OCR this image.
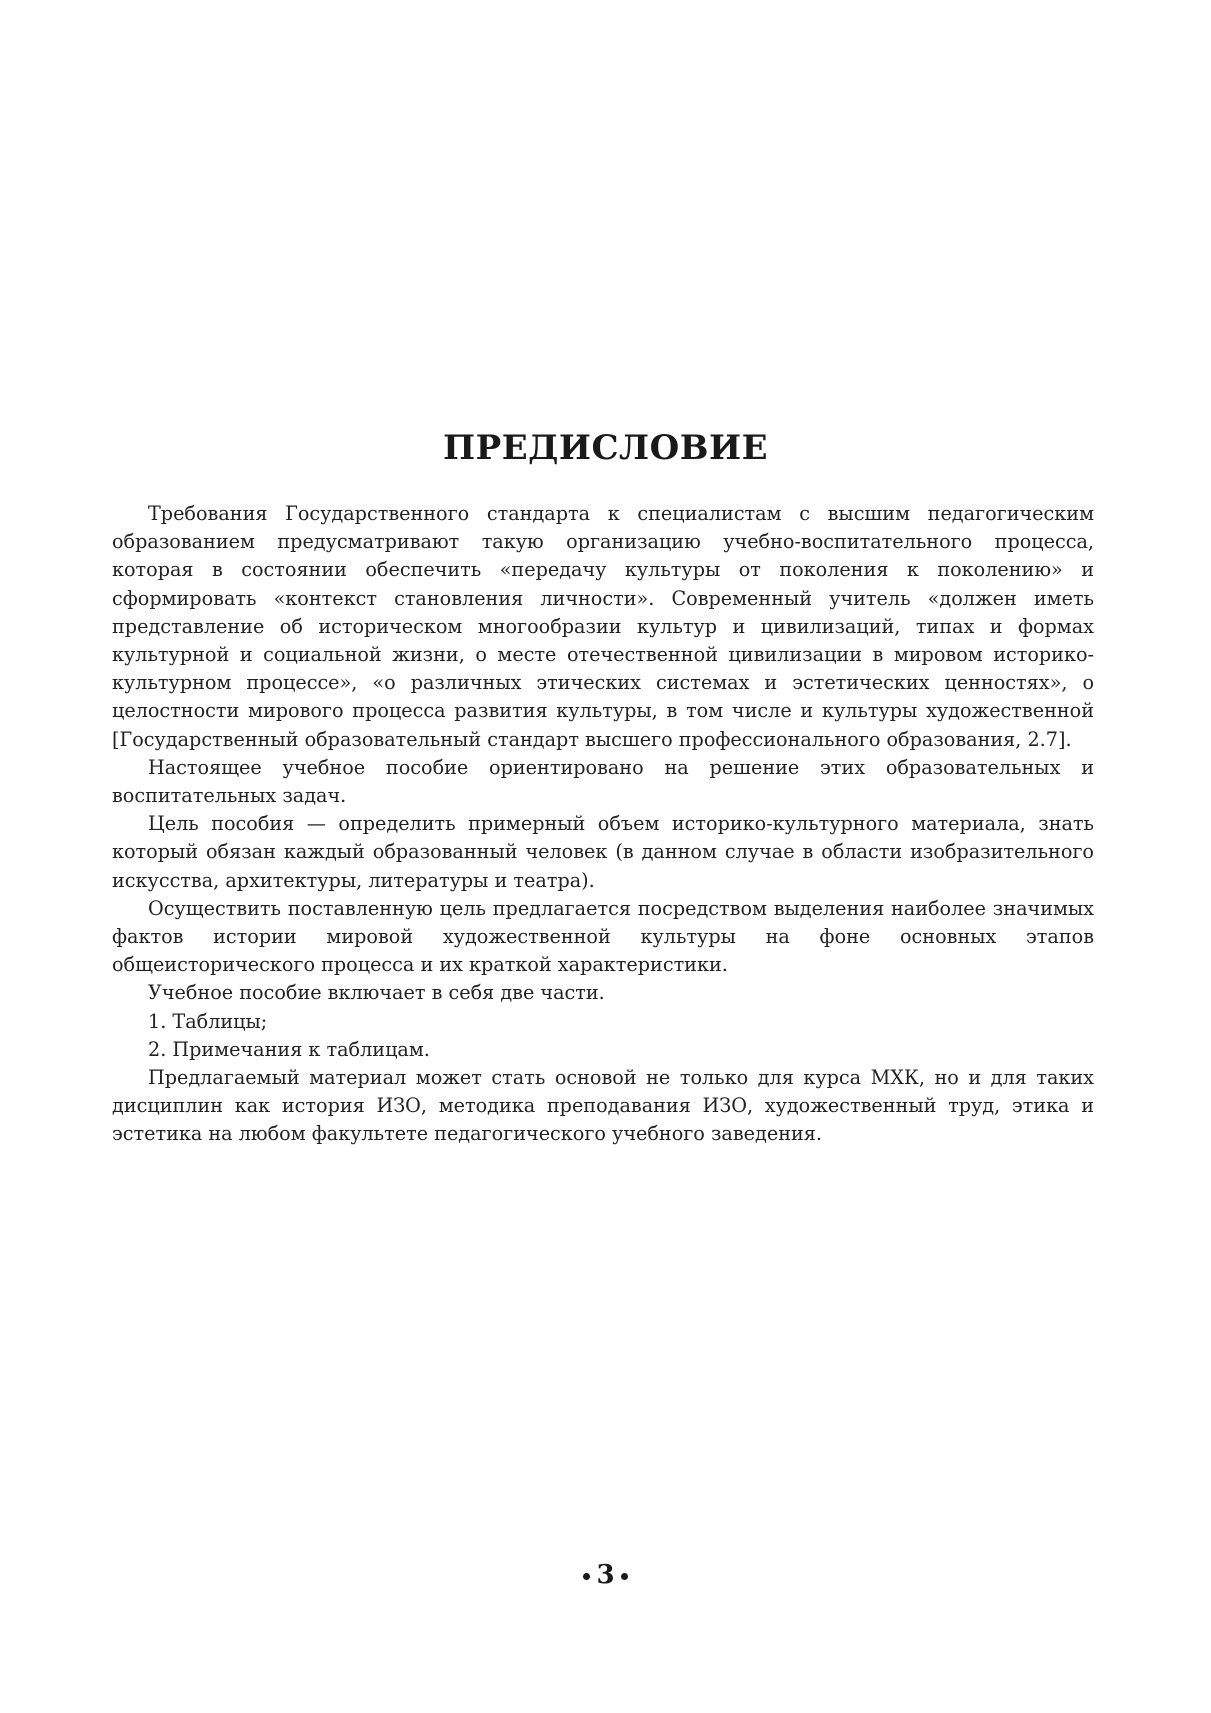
ПРЕДИСЛОВИЕ

Требования Государственного стандарта к специалистам с высшим педагогическим образованием предусматривают такую организацию учебно-воспитательного процесса, которая в состоянии обеспечить «передачу культуры от поколения к поколению» и сформировать «контекст становления личности». Современный учитель «должен иметь представление об историческом многообразии культур и цивилизаций, типах и формах культурной и социальной жизни, о месте отечественной цивилизации в мировом историко-культурном процессе», «о различных этических системах и эстетических ценностях», о целостности мирового процесса развития культуры, в том числе и культуры художественной [Государственный образовательный стандарт высшего профессионального образования, 2.7].

Настоящее учебное пособие ориентировано на решение этих образовательных и воспитательных задач.

Цель пособия — определить примерный объем историко-культурного материала, знать который обязан каждый образованный человек (в данном случае в области изобразительного искусства, архитектуры, литературы и театра).

Осуществить поставленную цель предлагается посредством выделения наиболее значимых фактов истории мировой художественной культуры на фоне основных этапов общеисторического процесса и их краткой характеристики.

Учебное пособие включает в себя две части.

1. Таблицы;

2. Примечания к таблицам.

Предлагаемый материал может стать основой не только для курса МХК, но и для таких дисциплин как история ИЗО, методика преподавания ИЗО, художественный труд, этика и эстетика на любом факультете педагогического учебного заведения.

3
